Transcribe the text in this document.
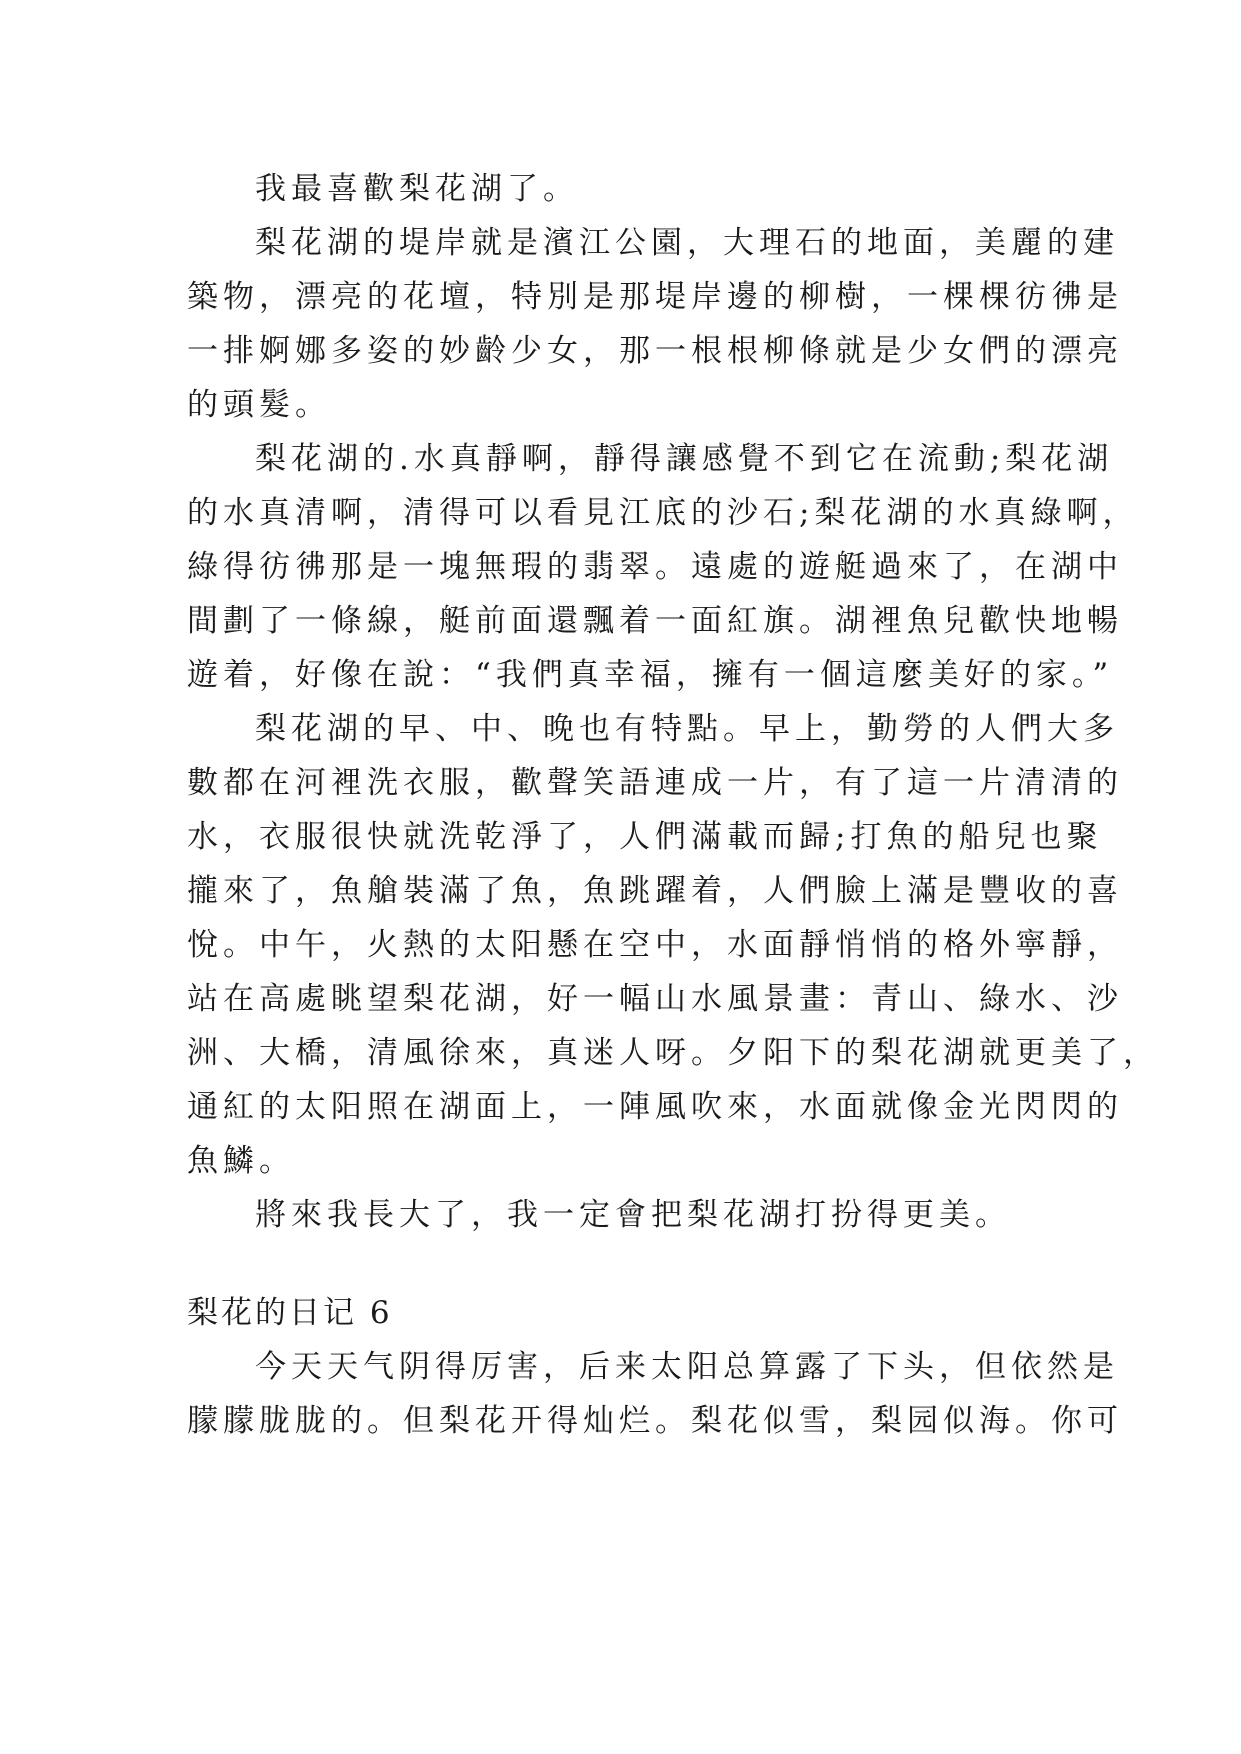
我最喜歡梨花湖了。
梨花湖的堤岸就是濱江公園，大理石的地面，美麗的建
築物，漂亮的花壇，特別是那堤岸邊的柳樹，一棵棵彷彿是
一排婀娜多姿的妙齡少女，那一根根柳條就是少女們的漂亮
的頭髮。
梨花湖的.水真靜啊，靜得讓感覺不到它在流動;梨花湖
的水真清啊，清得可以看見江底的沙石;梨花湖的水真綠啊，
綠得彷彿那是一塊無瑕的翡翠。遠處的遊艇過來了，在湖中
間劃了一條線，艇前面還飄着一面紅旗。湖裡魚兒歡快地暢
遊着，好像在說：“我們真幸福，擁有一個這麼美好的家。”
梨花湖的早、中、晚也有特點。早上，勤勞的人們大多
數都在河裡洗衣服，歡聲笑語連成一片，有了這一片清清的
水，衣服很快就洗乾淨了，人們滿載而歸;打魚的船兒也聚
攏來了，魚艙裝滿了魚，魚跳躍着，人們臉上滿是豐收的喜
悅。中午，火熱的太阳懸在空中，水面靜悄悄的格外寧靜，
站在高處眺望梨花湖，好一幅山水風景畫：青山、綠水、沙
洲、大橋，清風徐來，真迷人呀。夕阳下的梨花湖就更美了，
通紅的太阳照在湖面上，一陣風吹來，水面就像金光閃閃的
魚鱗。
將來我長大了，我一定會把梨花湖打扮得更美。
梨花的日记 6
今天天气阴得厉害，后来太阳总算露了下头，但依然是
朦朦胧胧的。但梨花开得灿烂。梨花似雪，梨园似海。你可
